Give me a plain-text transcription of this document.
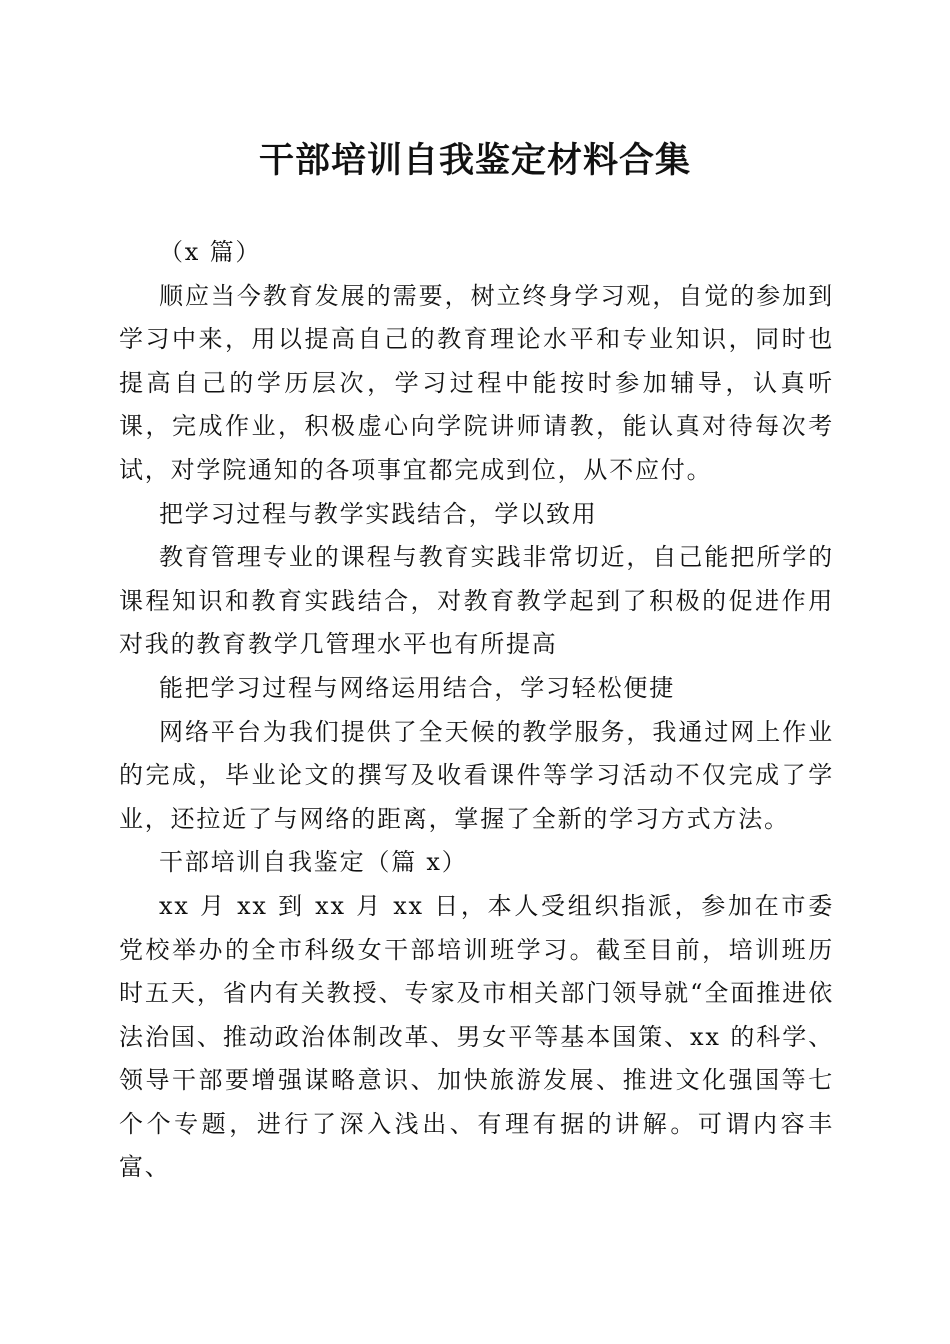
干部培训自我鉴定材料合集

（x 篇）

顺应当今教育发展的需要，树立终身学习观，自觉的参加到学习中来，用以提高自己的教育理论水平和专业知识，同时也提高自己的学历层次，学习过程中能按时参加辅导，认真听课，完成作业，积极虚心向学院讲师请教，能认真对待每次考试，对学院通知的各项事宜都完成到位，从不应付。

把学习过程与教学实践结合，学以致用

教育管理专业的课程与教育实践非常切近，自己能把所学的课程知识和教育实践结合，对教育教学起到了积极的促进作用对我的教育教学几管理水平也有所提高

能把学习过程与网络运用结合，学习轻松便捷

网络平台为我们提供了全天候的教学服务，我通过网上作业的完成，毕业论文的撰写及收看课件等学习活动不仅完成了学业，还拉近了与网络的距离，掌握了全新的学习方式方法。

干部培训自我鉴定（篇 x）

xx 月 xx 到 xx 月 xx 日，本人受组织指派，参加在市委党校举办的全市科级女干部培训班学习。截至目前，培训班历时五天，省内有关教授、专家及市相关部门领导就“全面推进依法治国、推动政治体制改革、男女平等基本国策、xx 的科学、领导干部要增强谋略意识、加快旅游发展、推进文化强国等七个个专题，进行了深入浅出、有理有据的讲解。可谓内容丰富、
